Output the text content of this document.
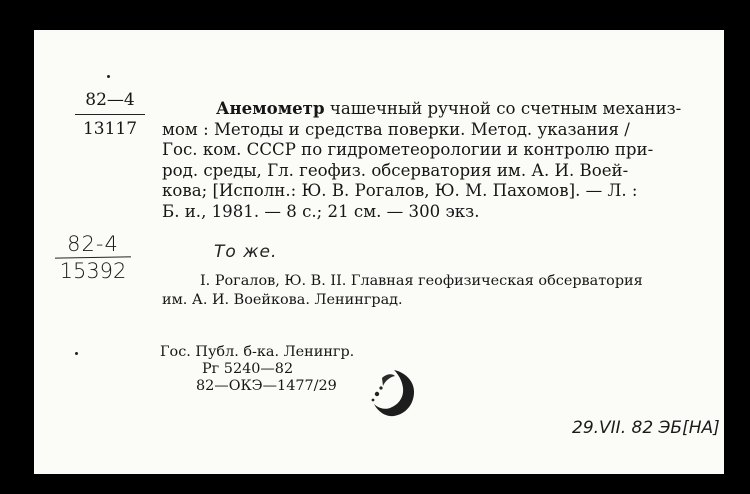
82—4
13117
82-4
15392
Анемометр чашечный ручной со счетным механиз-
мом : Методы и средства поверки. Метод. указания /
Гос. ком. СССР по гидрометеорологии и контролю при-
род. среды, Гл. геофиз. обсерватория им. А. И. Воей-
кова; [Исполн.: Ю. В. Рогалов, Ю. М. Пахомов]. — Л. :
Б. и., 1981. — 8 с.; 21 см. — 300 экз.
То же.
I. Рогалов, Ю. В. II. Главная геофизическая обсерватория
им. А. И. Воейкова. Ленинград.
Гос. Публ. б-ка. Ленингр.
Рг 5240—82
82—ОКЭ—1477/29
29.VII. 82 ЭБ[НА]
